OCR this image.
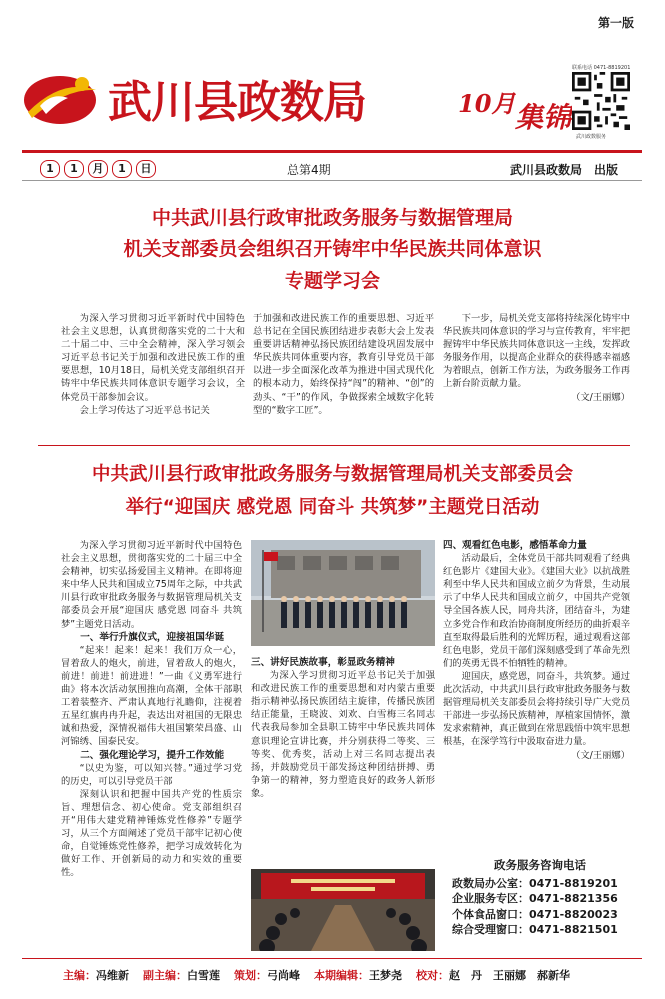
第一版
武川县政数局	10月 集锦
联系电话 0471-8819201
武川政数服务
1	1	月	1	日	总第4期	武川县政数局　出版
中共武川县行政审批政务服务与数据管理局
机关支部委员会组织召开铸牢中华民族共同体意识
专题学习会

为深入学习贯彻习近平新时代中国特色社会主义思想，认真贯彻落实党的二十大和二十届二中、三中全会精神，深入学习领会习近平总书记关于加强和改进民族工作的重要思想，10月18日，局机关党支部组织召开铸牢中华民族共同体意识专题学习会议，全体党员干部参加会议。

会上学习传达了习近平总书记关

于加强和改进民族工作的重要思想、习近平总书记在全国民族团结进步表彰大会上发表重要讲话精神弘扬民族团结建设巩固发展中华民族共同体重要内容，教育引导党员干部以进一步全面深化改革为推进中国式现代化的根本动力，始终保持“闯”的精神、“创”的劲头、“干”的作风，争做探索全域数字化转型的“数字工匠”。

下一步，局机关党支部将持续深化铸牢中华民族共同体意识的学习与宣传教育，牢牢把握铸牢中华民族共同体意识这一主线，发挥政务服务作用，以提高企业群众的获得感幸福感为着眼点，创新工作方法，为政务服务工作再上新台阶贡献力量。

（文/王丽娜）
中共武川县行政审批政务服务与数据管理局机关支部委员会
举行“迎国庆 感党恩 同奋斗 共筑梦”主题党日活动

为深入学习贯彻习近平新时代中国特色社会主义思想，贯彻落实党的二十届三中全会精神，切实弘扬爱国主义精神。在即将迎来中华人民共和国成立75周年之际，中共武川县行政审批政务服务与数据管理局机关支部委员会开展“迎国庆 感党恩 同奋斗 共筑梦”主题党日活动。

一、举行升旗仪式，迎接祖国华诞

“起来！起来！起来！我们万众一心，冒着敌人的炮火，前进，冒着敌人的炮火，前进！前进！前进进！”一曲《义勇军进行曲》将本次活动氛围推向高潮，全体干部职工着装整齐、严肃认真地行礼瞻仰，注视着五星红旗冉冉升起，表达出对祖国的无限忠诚和热爱，深情祝福伟大祖国繁荣昌盛、山河锦绣、国泰民安。

二、强化理论学习，提升工作效能

“以史为鉴，可以知兴替。”通过学习党的历史，可以引导党员干部

深刻认识和把握中国共产党的性质宗旨、理想信念、初心使命。党支部组织召开“用伟大建党精神锤炼党性修养”专题学习，从三个方面阐述了党员干部牢记初心使命，自觉锤炼党性修养，把学习成效转化为做好工作、开创新局的动力和实效的重要性。

三、讲好民族故事，彰显政务精神

为深入学习贯彻习近平总书记关于加强和改进民族工作的重要思想和对内蒙古重要指示精神弘扬民族团结主旋律，传播民族团结正能量，王晓波、刘欢、白雪梅三名同志代表我局参加全县职工铸牢中华民族共同体意识理论宣讲比赛，并分别获得二等奖、三等奖、优秀奖，活动上对三名同志提出表扬，并鼓励党员干部发扬这种团结拼搏、勇争第一的精神，努力塑造良好的政务人新形象。

四、观看红色电影，感悟革命力量

活动最后，全体党员干部共同观看了经典红色影片《建国大业》。《建国大业》以抗战胜利至中华人民共和国成立前夕为背景，生动展示了中华人民共和国成立前夕，中国共产党领导全国各族人民，同舟共济，团结奋斗，为建立多党合作和政治协商制度所经历的曲折艰辛直至取得最后胜利的光辉历程，通过观看这部红色电影，党员干部们深刻感受到了革命先烈们的英勇无畏不怕牺牲的精神。

迎国庆，感党恩，同奋斗，共筑梦。通过此次活动，中共武川县行政审批政务服务与数据管理局机关支部委员会将持续引导广大党员干部进一步弘扬民族精神，厚植家国情怀，激发求索精神，真正做到在常思践悟中筑牢思想根基，在深学笃行中汲取奋进力量。

（文/王丽娜）
政务服务咨询电话
政数局办公室： 0471-8819201
企业服务专区： 0471-8821356
个体食品窗口： 0471-8820023
综合受理窗口： 0471-8821501
主编：冯维新 副主编：白雪莲 策划：弓尚峰 本期编辑：王梦尧 校对：赵　丹　王丽娜　郝新华
